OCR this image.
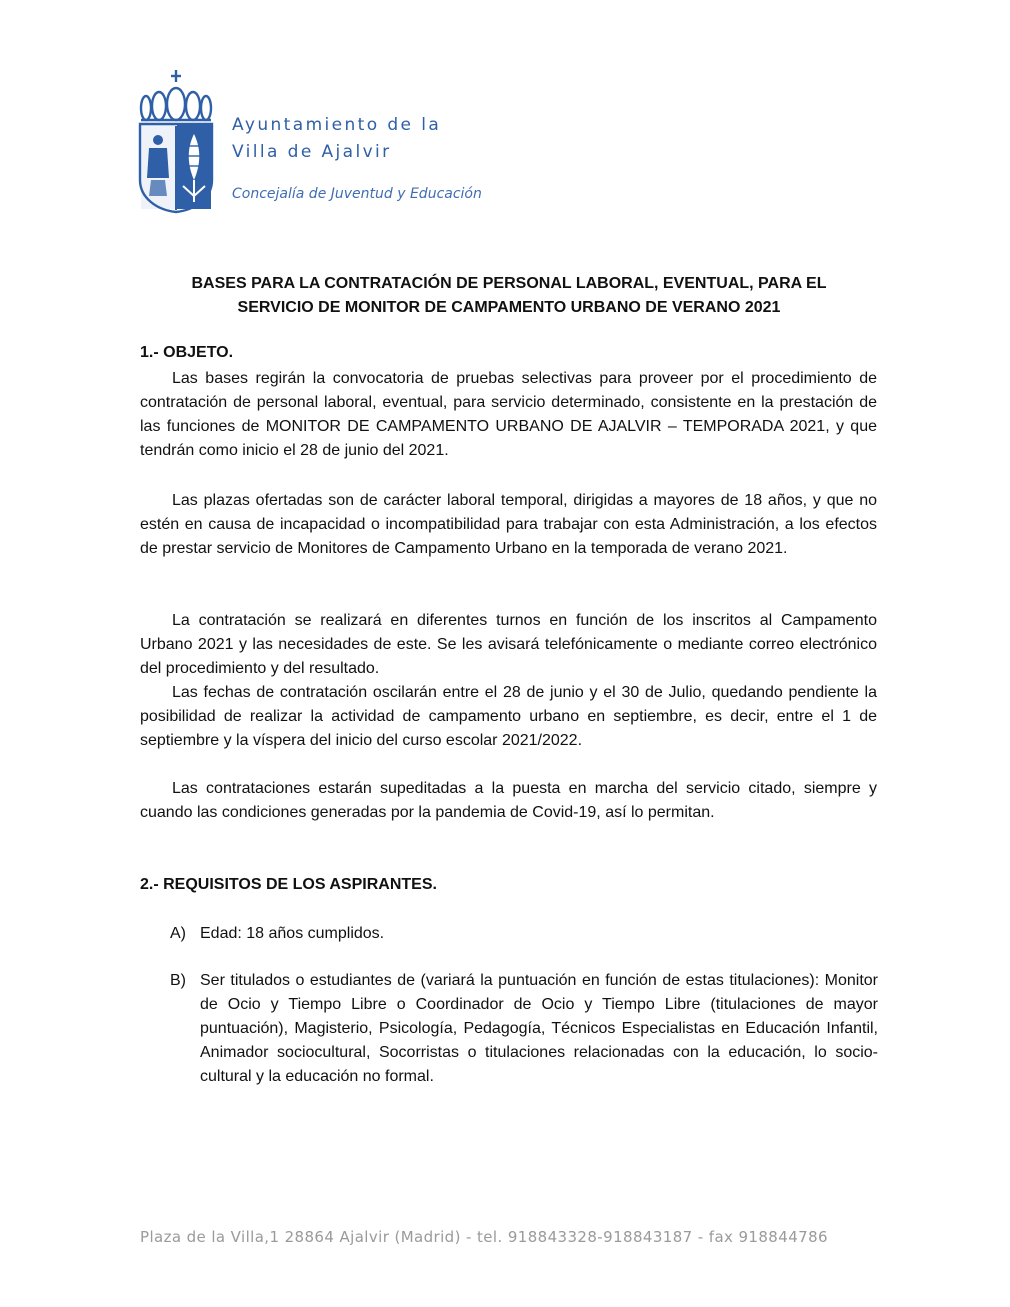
Ayuntamiento de la
Villa de Ajalvir
Concejalía de Juventud y Educación
BASES PARA LA CONTRATACIÓN DE PERSONAL LABORAL, EVENTUAL, PARA EL
SERVICIO DE MONITOR DE CAMPAMENTO URBANO DE VERANO 2021
1.- OBJETO.

Las bases regirán la convocatoria de pruebas selectivas para proveer por el procedimiento de contratación de personal laboral, eventual, para servicio determinado, consistente en la prestación de las funciones de MONITOR DE CAMPAMENTO URBANO DE AJALVIR – TEMPORADA 2021, y que tendrán como inicio el 28 de junio del 2021.

Las plazas ofertadas son de carácter laboral temporal, dirigidas a mayores de 18 años, y que no estén en causa de incapacidad o incompatibilidad para trabajar con esta Administración, a los efectos de prestar servicio de Monitores de Campamento Urbano en la temporada de verano 2021.

La contratación se realizará en diferentes turnos en función de los inscritos al Campamento Urbano 2021 y las necesidades de este. Se les avisará telefónicamente o mediante correo electrónico del procedimiento y del resultado.

Las fechas de contratación oscilarán entre el 28 de junio y el 30 de Julio, quedando pendiente la posibilidad de realizar la actividad de campamento urbano en septiembre, es decir, entre el 1 de septiembre y la víspera del inicio del curso escolar 2021/2022.

Las contrataciones estarán supeditadas a la puesta en marcha del servicio citado, siempre y cuando las condiciones generadas por la pandemia de Covid-19, así lo permitan.

2.- REQUISITOS DE LOS ASPIRANTES.
A) Edad: 18 años cumplidos.
B) Ser titulados o estudiantes de (variará la puntuación en función de estas titulaciones): Monitor de Ocio y Tiempo Libre o Coordinador de Ocio y Tiempo Libre (titulaciones de mayor puntuación), Magisterio, Psicología, Pedagogía, Técnicos Especialistas en Educación Infantil, Animador sociocultural, Socorristas o titulaciones relacionadas con la educación, lo socio-cultural y la educación no formal.
Plaza de la Villa,1 28864 Ajalvir (Madrid) - tel. 918843328-918843187 - fax 918844786
